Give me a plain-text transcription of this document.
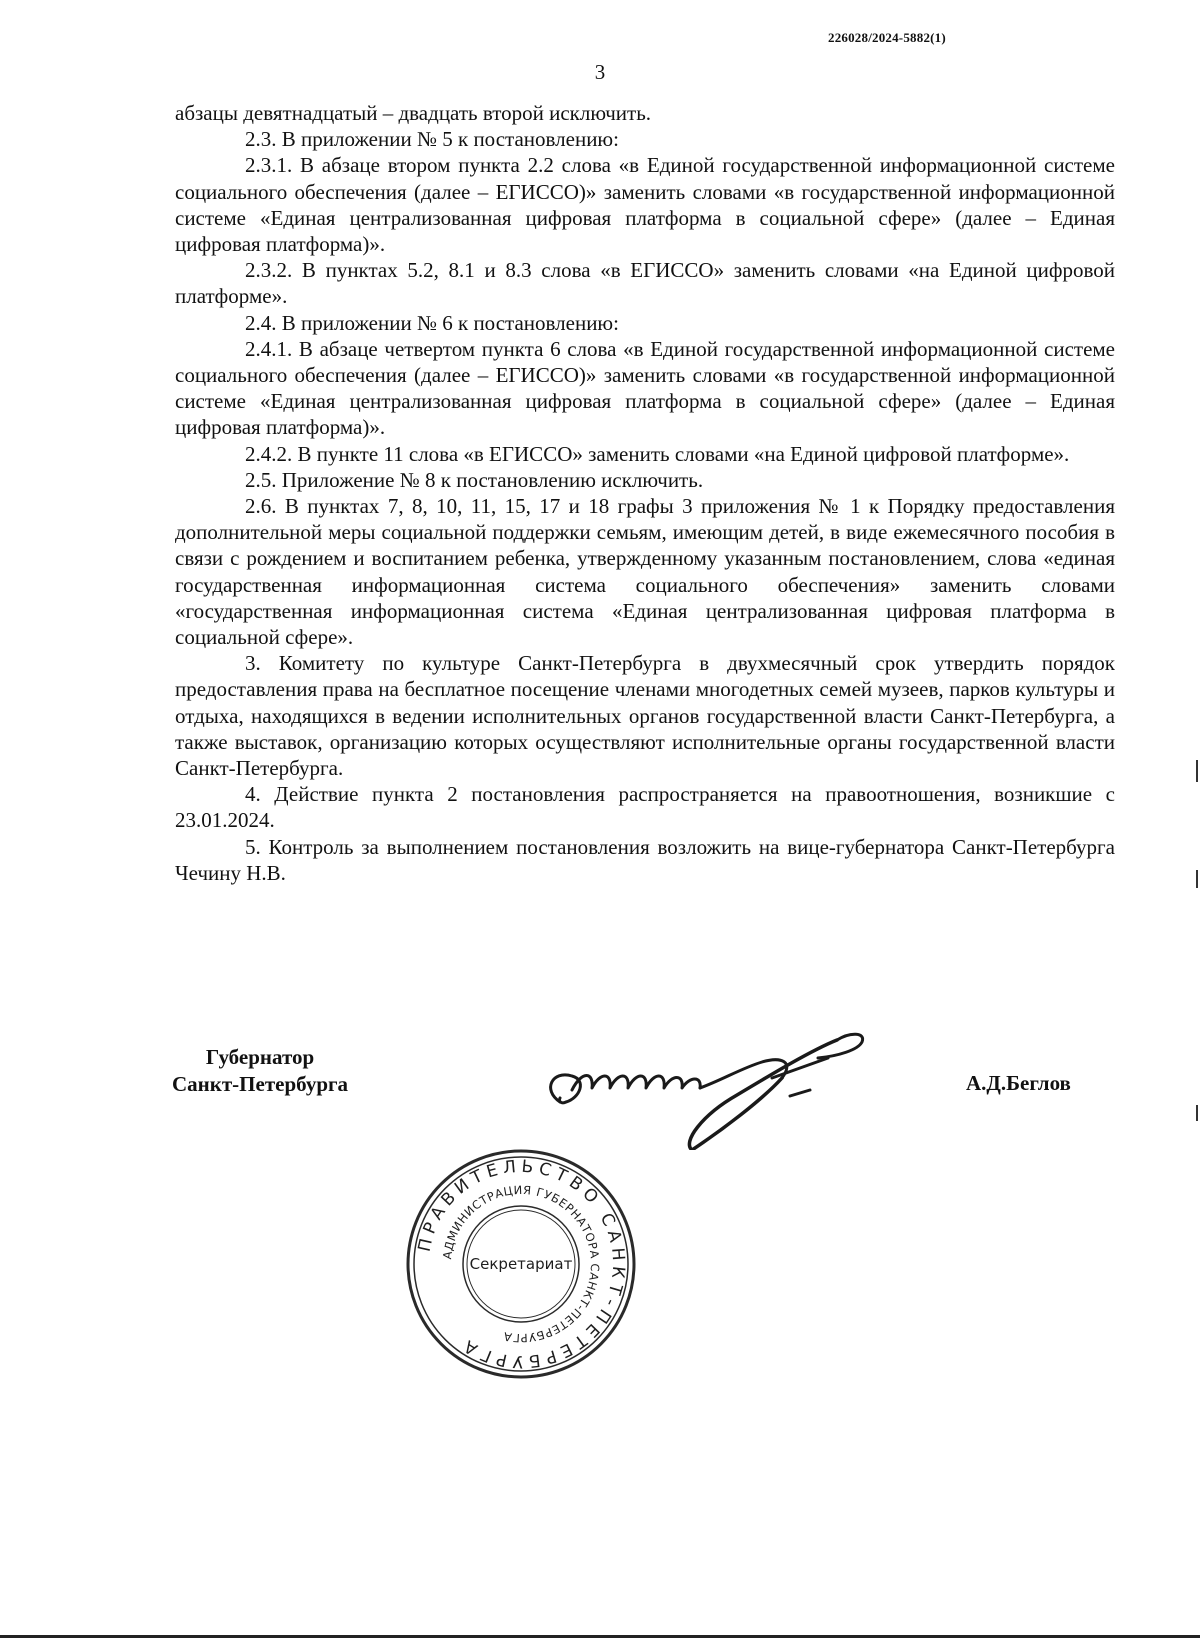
226028/2024-5882(1)
3

абзацы девятнадцатый – двадцать второй исключить.

2.3. В приложении № 5 к постановлению:

2.3.1. В абзаце втором пункта 2.2 слова «в Единой государственной информационной системе социального обеспечения (далее – ЕГИССО)» заменить словами «в государственной информационной системе «Единая централизованная цифровая платформа в социальной сфере» (далее – Единая цифровая платформа)».

2.3.2. В пунктах 5.2, 8.1 и 8.3 слова «в ЕГИССО» заменить словами «на Единой цифровой платформе».

2.4. В приложении № 6 к постановлению:

2.4.1. В абзаце четвертом пункта 6 слова «в Единой государственной информационной системе социального обеспечения (далее – ЕГИССО)» заменить словами «в государственной информационной системе «Единая централизованная цифровая платформа в социальной сфере» (далее – Единая цифровая платформа)».

2.4.2. В пункте 11 слова «в ЕГИССО» заменить словами «на Единой цифровой платформе».

2.5. Приложение № 8 к постановлению исключить.

2.6. В пунктах 7, 8, 10, 11, 15, 17 и 18 графы 3 приложения № 1 к Порядку предоставления дополнительной меры социальной поддержки семьям, имеющим детей, в виде ежемесячного пособия в связи с рождением и воспитанием ребенка, утвержденному указанным постановлением, слова «единая государственная информационная система социального обеспечения» заменить словами «государственная информационная система «Единая централизованная цифровая платформа в социальной сфере».

3. Комитету по культуре Санкт-Петербурга в двухмесячный срок утвердить порядок предоставления права на бесплатное посещение членами многодетных семей музеев, парков культуры и отдыха, находящихся в ведении исполнительных органов государственной власти Санкт-Петербурга, а также выставок, организацию которых осуществляют исполнительные органы государственной власти Санкт-Петербурга.

4. Действие пункта 2 постановления распространяется на правоотношения, возникшие с 23.01.2024.

5. Контроль за выполнением постановления возложить на вице-губернатора Санкт-Петербурга Чечину Н.В.

Губернатор
Санкт-Петербурга	А.Д.Беглов
ПРАВИТЕЛЬСТВО САНКТ-ПЕТЕРБУРГА
АДМИНИСТРАЦИЯ ГУБЕРНАТОРА САНКТ-ПЕТЕРБУРГА
Секретариат
